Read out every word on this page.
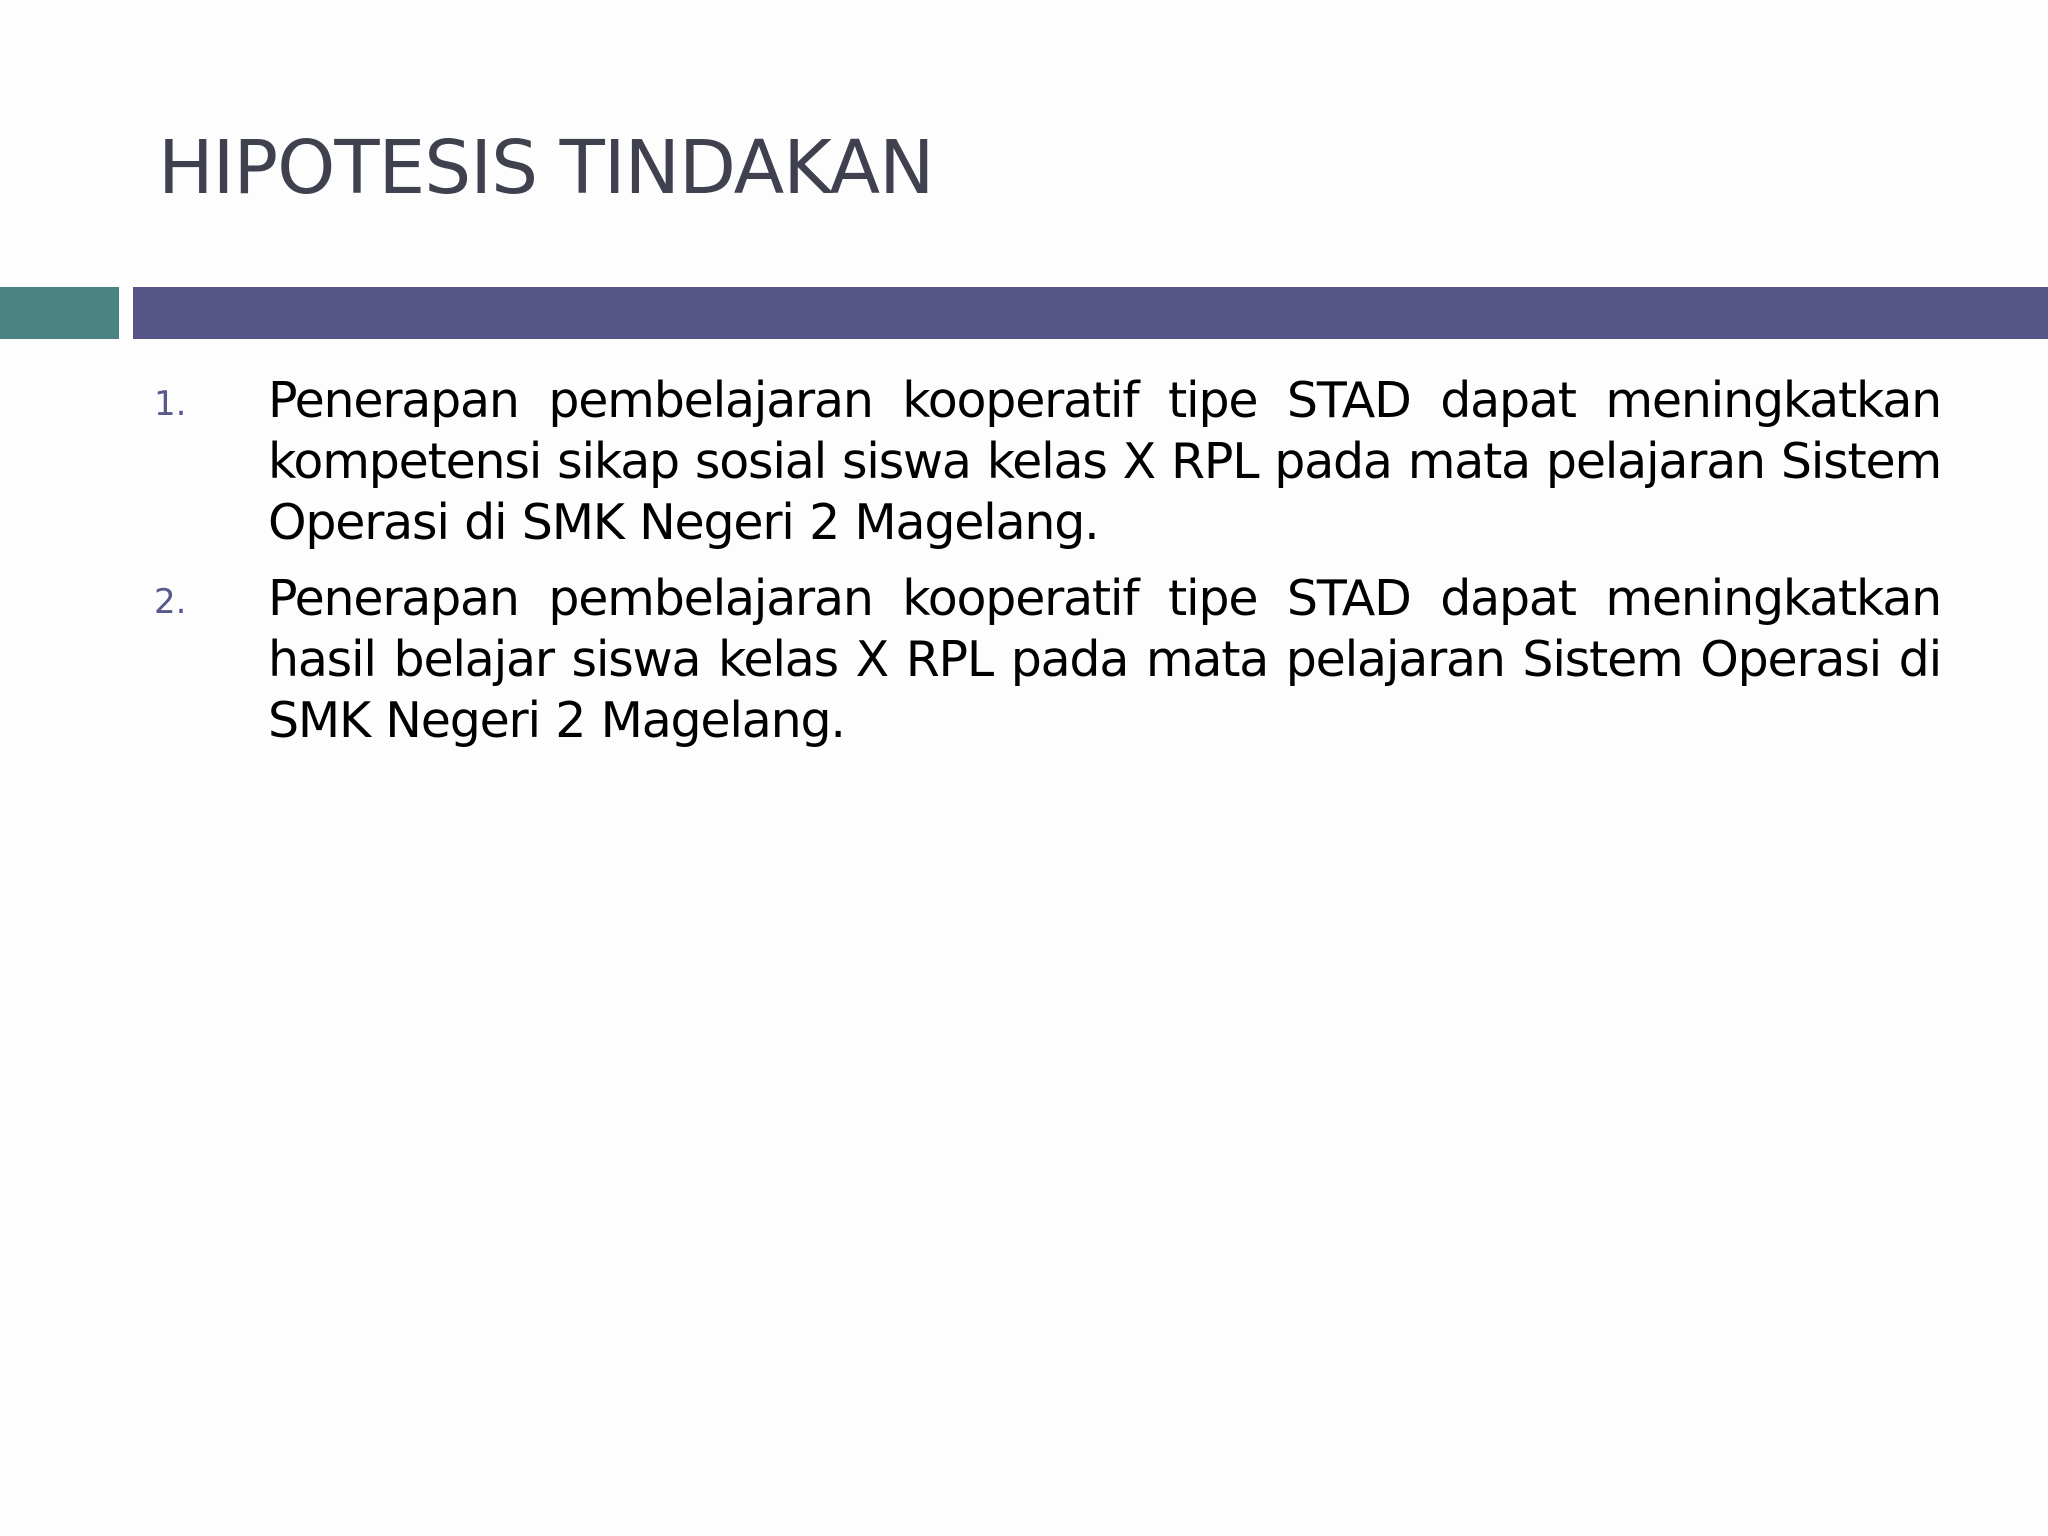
HIPOTESIS TINDAKAN
1. Penerapan pembelajaran kooperatif tipe STAD dapat meningkatkan kompetensi sikap sosial siswa kelas X RPL pada mata pelajaran Sistem Operasi di SMK Negeri 2 Magelang.
2. Penerapan pembelajaran kooperatif tipe STAD dapat meningkatkan hasil belajar siswa kelas X RPL pada mata pelajaran Sistem Operasi di SMK Negeri 2 Magelang.
